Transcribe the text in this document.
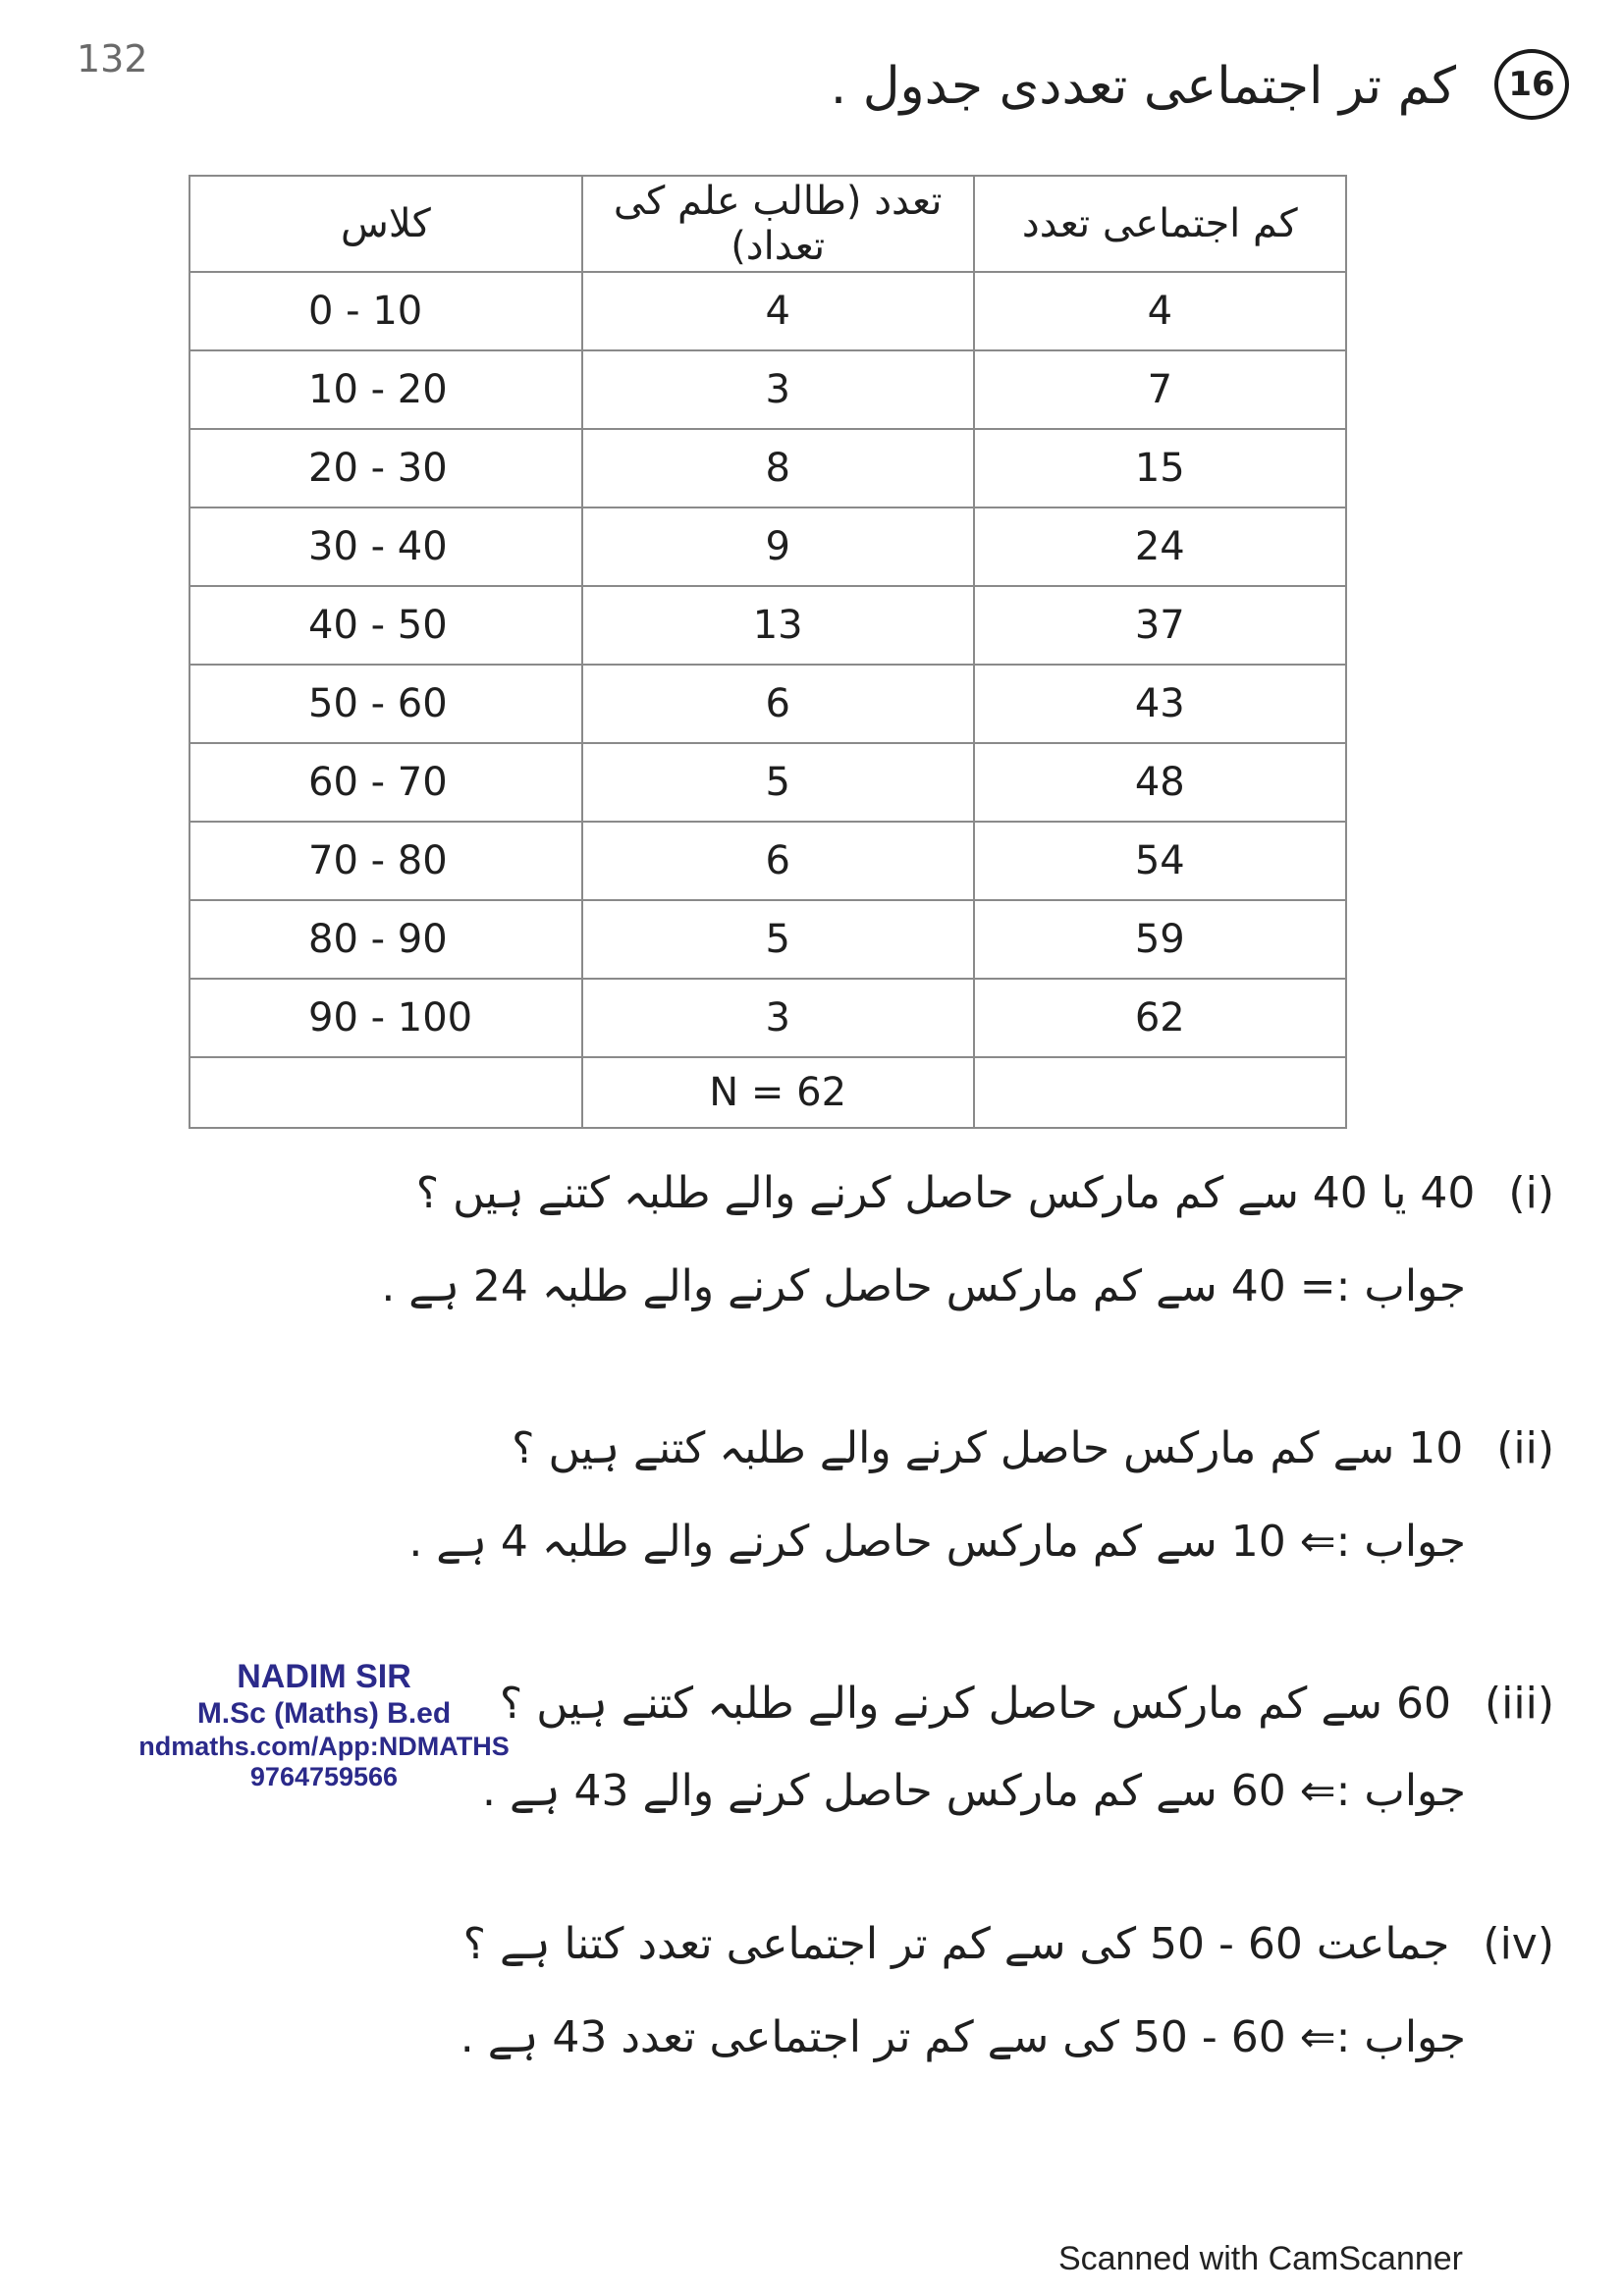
132
16
کم تر اجتماعی تعددی جدول .
کلاس	تعدد (طالب علم کی تعداد)	کم اجتماعی تعدد
0 - 10	4	4
10 - 20	3	7
20 - 30	8	15
30 - 40	9	24
40 - 50	13	37
50 - 60	6	43
60 - 70	5	48
70 - 80	6	54
80 - 90	5	59
90 - 100	3	62
	N = 62	
(i)40 یا 40 سے کم مارکس حاصل کرنے والے طلبہ کتنے ہیں ؟
جواب := 40 سے کم مارکس حاصل کرنے والے طلبہ 24 ہے .
(ii)10 سے کم مارکس حاصل کرنے والے طلبہ کتنے ہیں ؟
جواب :⇐ 10 سے کم مارکس حاصل کرنے والے طلبہ 4 ہے .
(iii)60 سے کم مارکس حاصل کرنے والے طلبہ کتنے ہیں ؟
جواب :⇐ 60 سے کم مارکس حاصل کرنے والے 43 ہے .
(iv)جماعت 60 - 50 کی سے کم تر اجتماعی تعدد کتنا ہے ؟
جواب :⇐ 60 - 50 کی سے کم تر اجتماعی تعدد 43 ہے .
NADIM SIR
M.Sc (Maths) B.ed
ndmaths.com/App:NDMATHS
9764759566
Scanned with CamScanner
